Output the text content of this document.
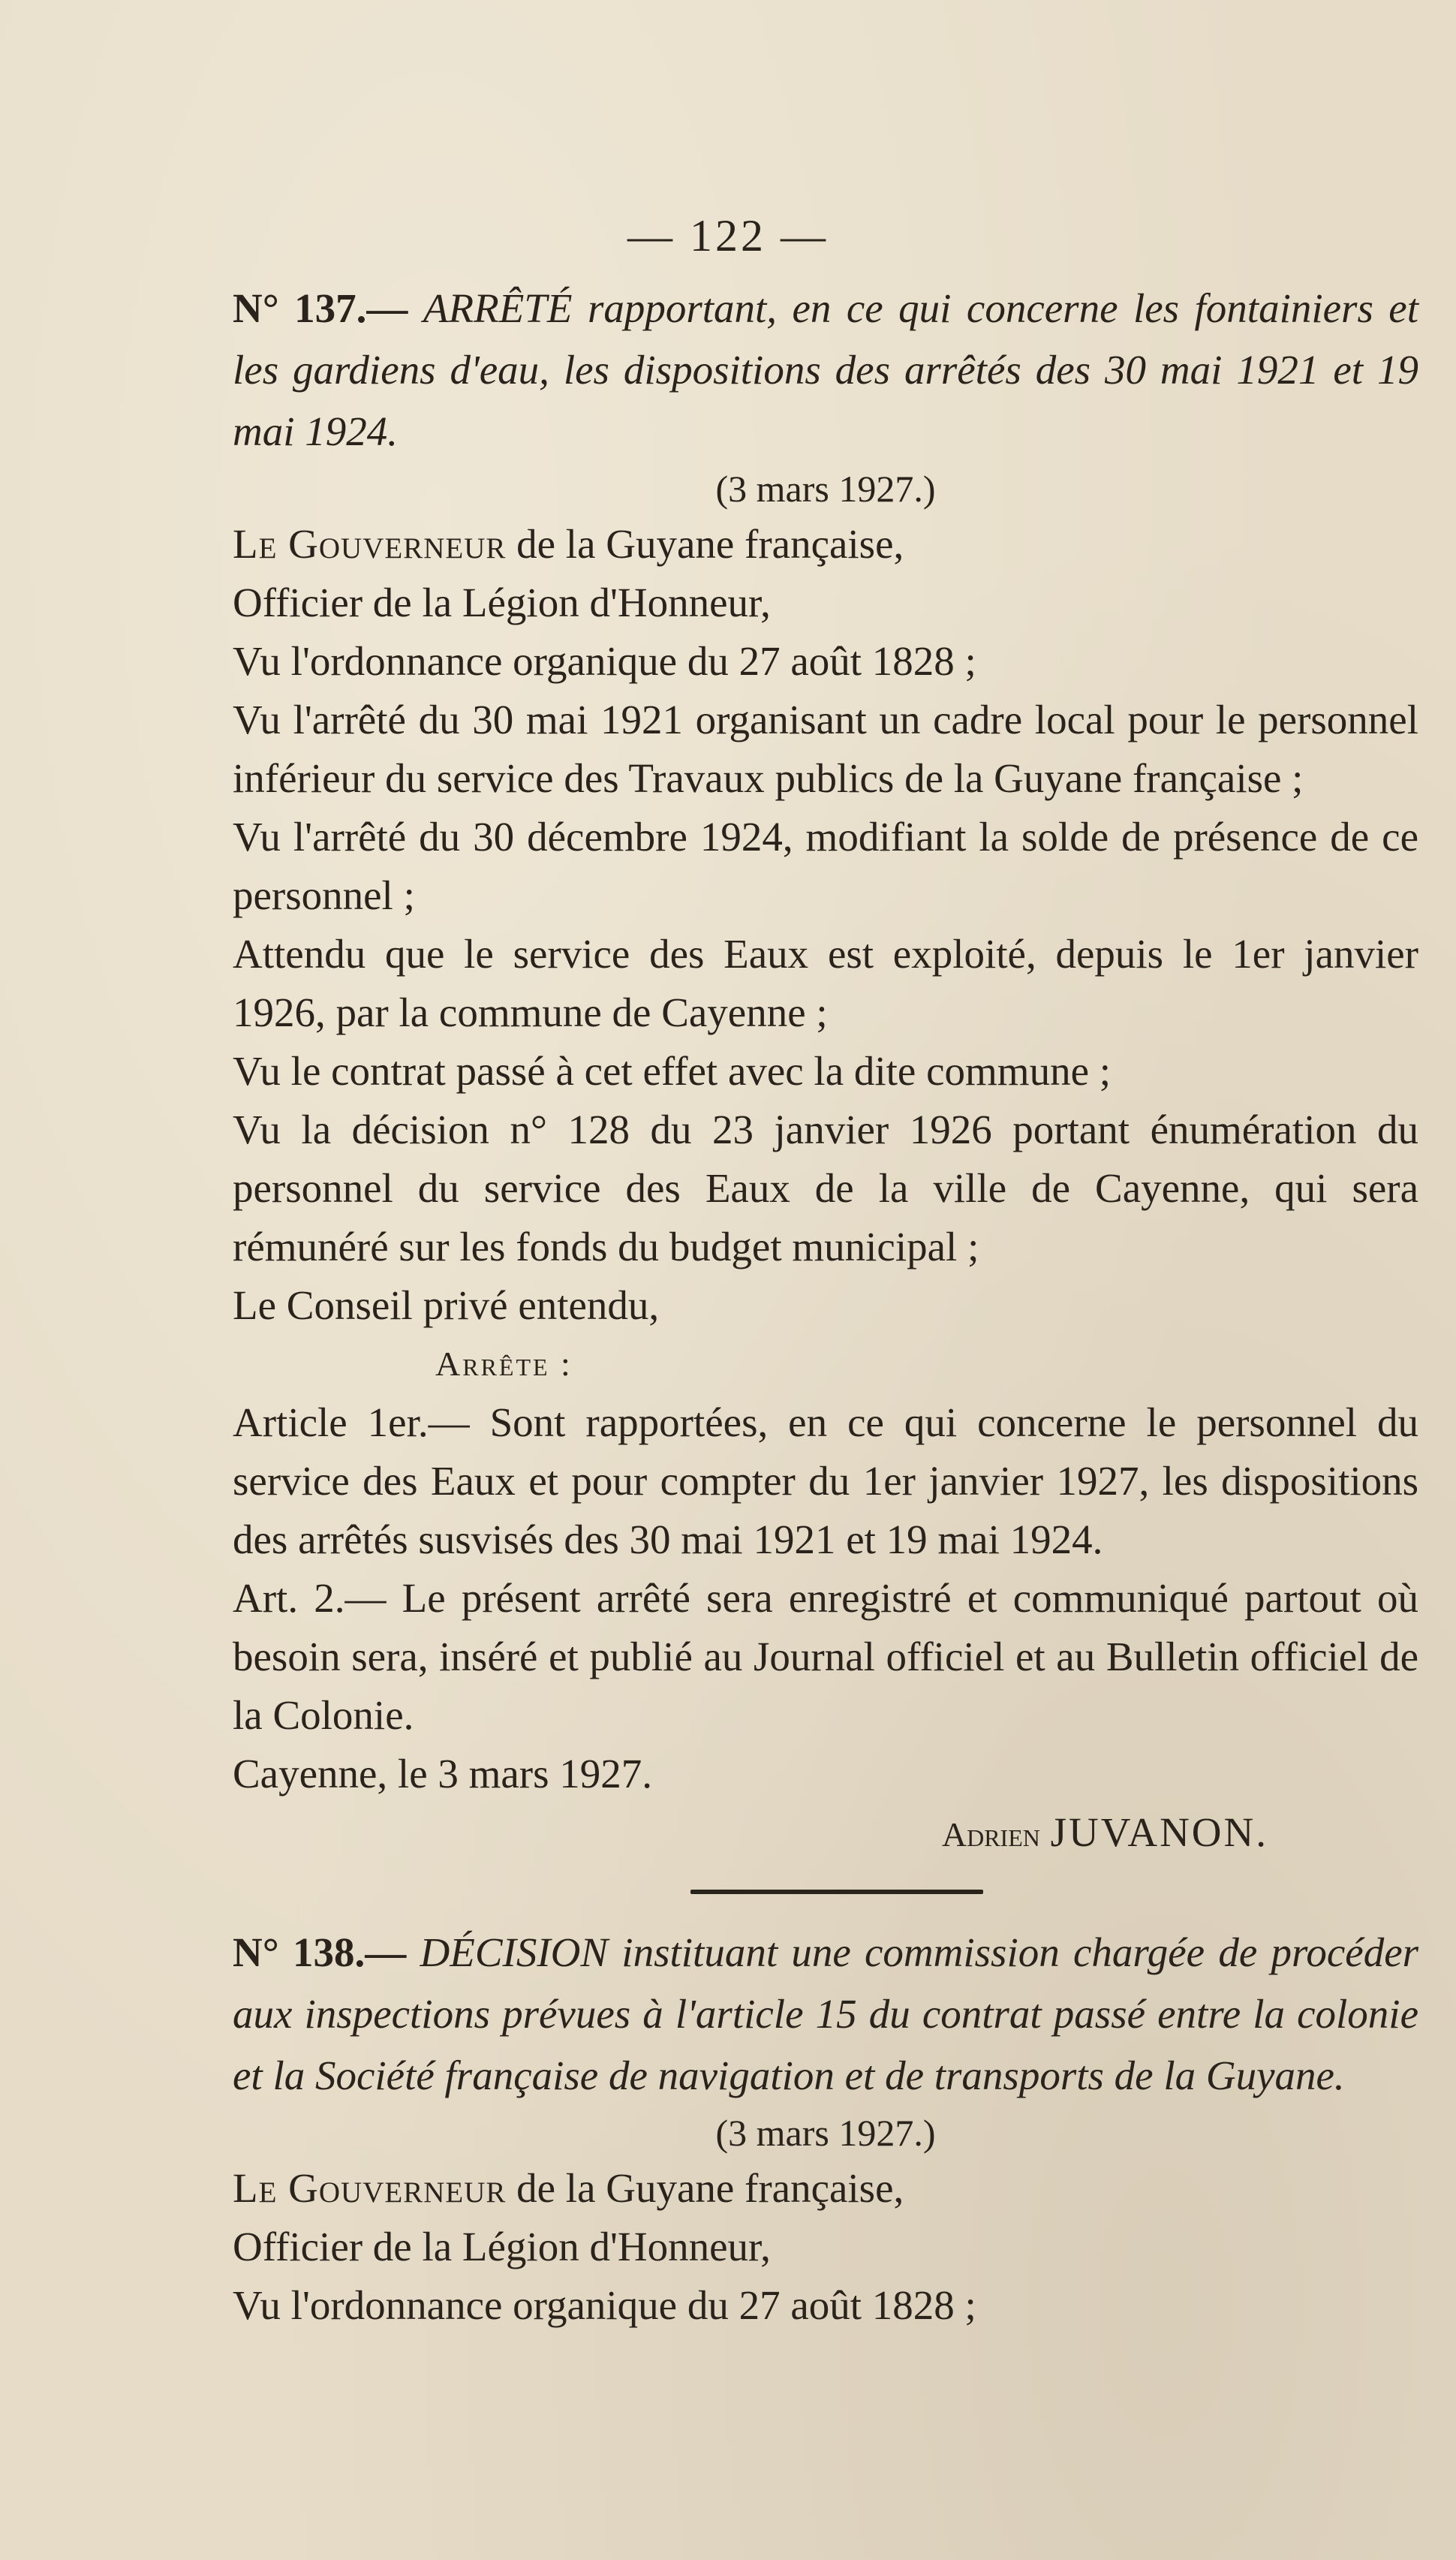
— 122 —
N° 137.— ARRÊTÉ rapportant, en ce qui concerne les fontainiers et les gardiens d'eau, les dispositions des arrêtés des 30 mai 1921 et 19 mai 1924.
(3 mars 1927.)
Le Gouverneur de la Guyane française,
Officier de la Légion d'Honneur,
Vu l'ordonnance organique du 27 août 1828 ;
Vu l'arrêté du 30 mai 1921 organisant un cadre local pour le personnel inférieur du service des Travaux publics de la Guyane française ;
Vu l'arrêté du 30 décembre 1924, modifiant la solde de présence de ce personnel ;
Attendu que le service des Eaux est exploité, depuis le 1er janvier 1926, par la commune de Cayenne ;
Vu le contrat passé à cet effet avec la dite commune ;
Vu la décision n° 128 du 23 janvier 1926 portant énumération du personnel du service des Eaux de la ville de Cayenne, qui sera rémunéré sur les fonds du budget municipal ;
Le Conseil privé entendu,
Arrête :
Article 1er.— Sont rapportées, en ce qui concerne le personnel du service des Eaux et pour compter du 1er janvier 1927, les dispositions des arrêtés susvisés des 30 mai 1921 et 19 mai 1924.
Art. 2.— Le présent arrêté sera enregistré et communiqué partout où besoin sera, inséré et publié au Journal officiel et au Bulletin officiel de la Colonie.
Cayenne, le 3 mars 1927.
Adrien JUVANON.
N° 138.— DÉCISION instituant une commission chargée de procéder aux inspections prévues à l'article 15 du contrat passé entre la colonie et la Société française de navigation et de transports de la Guyane.
(3 mars 1927.)
Le Gouverneur de la Guyane française,
Officier de la Légion d'Honneur,
Vu l'ordonnance organique du 27 août 1828 ;
